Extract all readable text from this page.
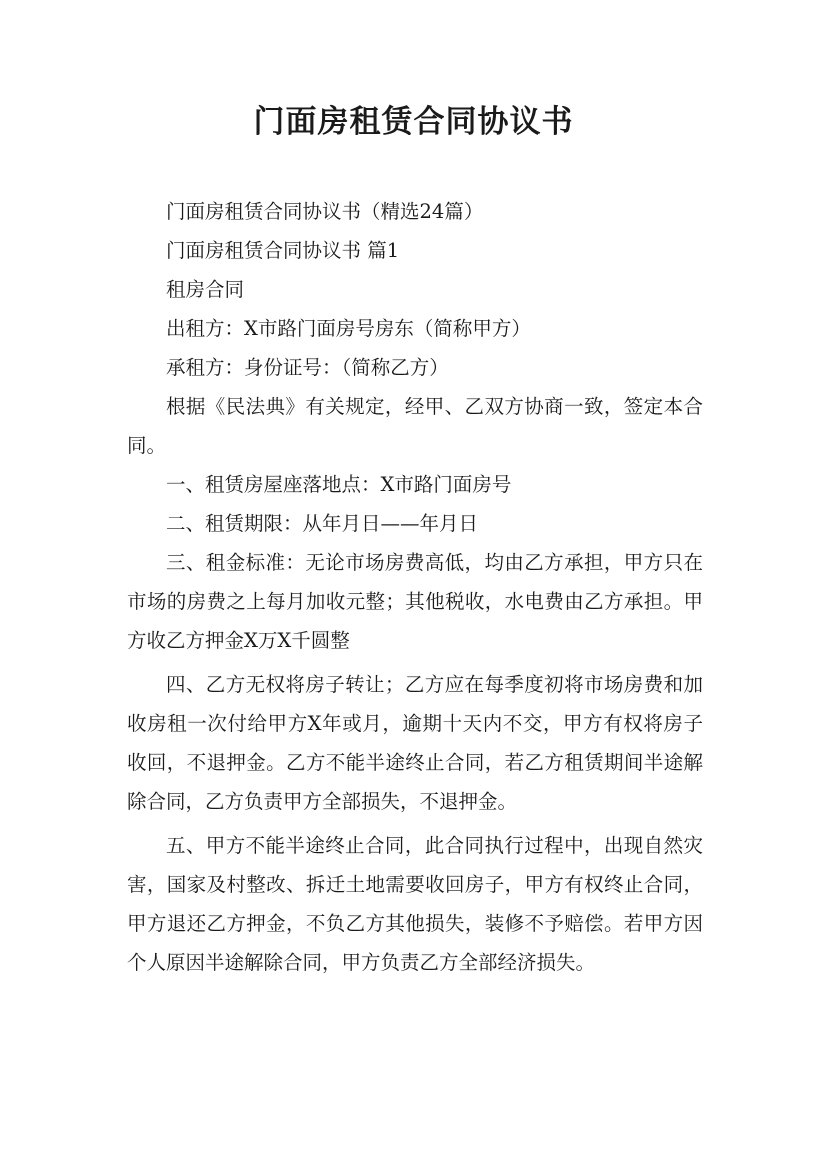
门面房租赁合同协议书

门面房租赁合同协议书（精选24篇）

门面房租赁合同协议书 篇1

租房合同

出租方：X市路门面房号房东（简称甲方）

承租方：身份证号：（简称乙方）

根据《民法典》有关规定，经甲、乙双方协商一致，签定本合同。

一、租赁房屋座落地点：X市路门面房号

二、租赁期限：从年月日——年月日

三、租金标准：无论市场房费高低，均由乙方承担，甲方只在市场的房费之上每月加收元整；其他税收，水电费由乙方承担。甲方收乙方押金X万X千圆整

四、乙方无权将房子转让；乙方应在每季度初将市场房费和加收房租一次付给甲方X年或月，逾期十天内不交，甲方有权将房子收回，不退押金。乙方不能半途终止合同，若乙方租赁期间半途解除合同，乙方负责甲方全部损失，不退押金。

五、甲方不能半途终止合同，此合同执行过程中，出现自然灾害，国家及村整改、拆迁土地需要收回房子，甲方有权终止合同，甲方退还乙方押金，不负乙方其他损失，装修不予赔偿。若甲方因个人原因半途解除合同，甲方负责乙方全部经济损失。
